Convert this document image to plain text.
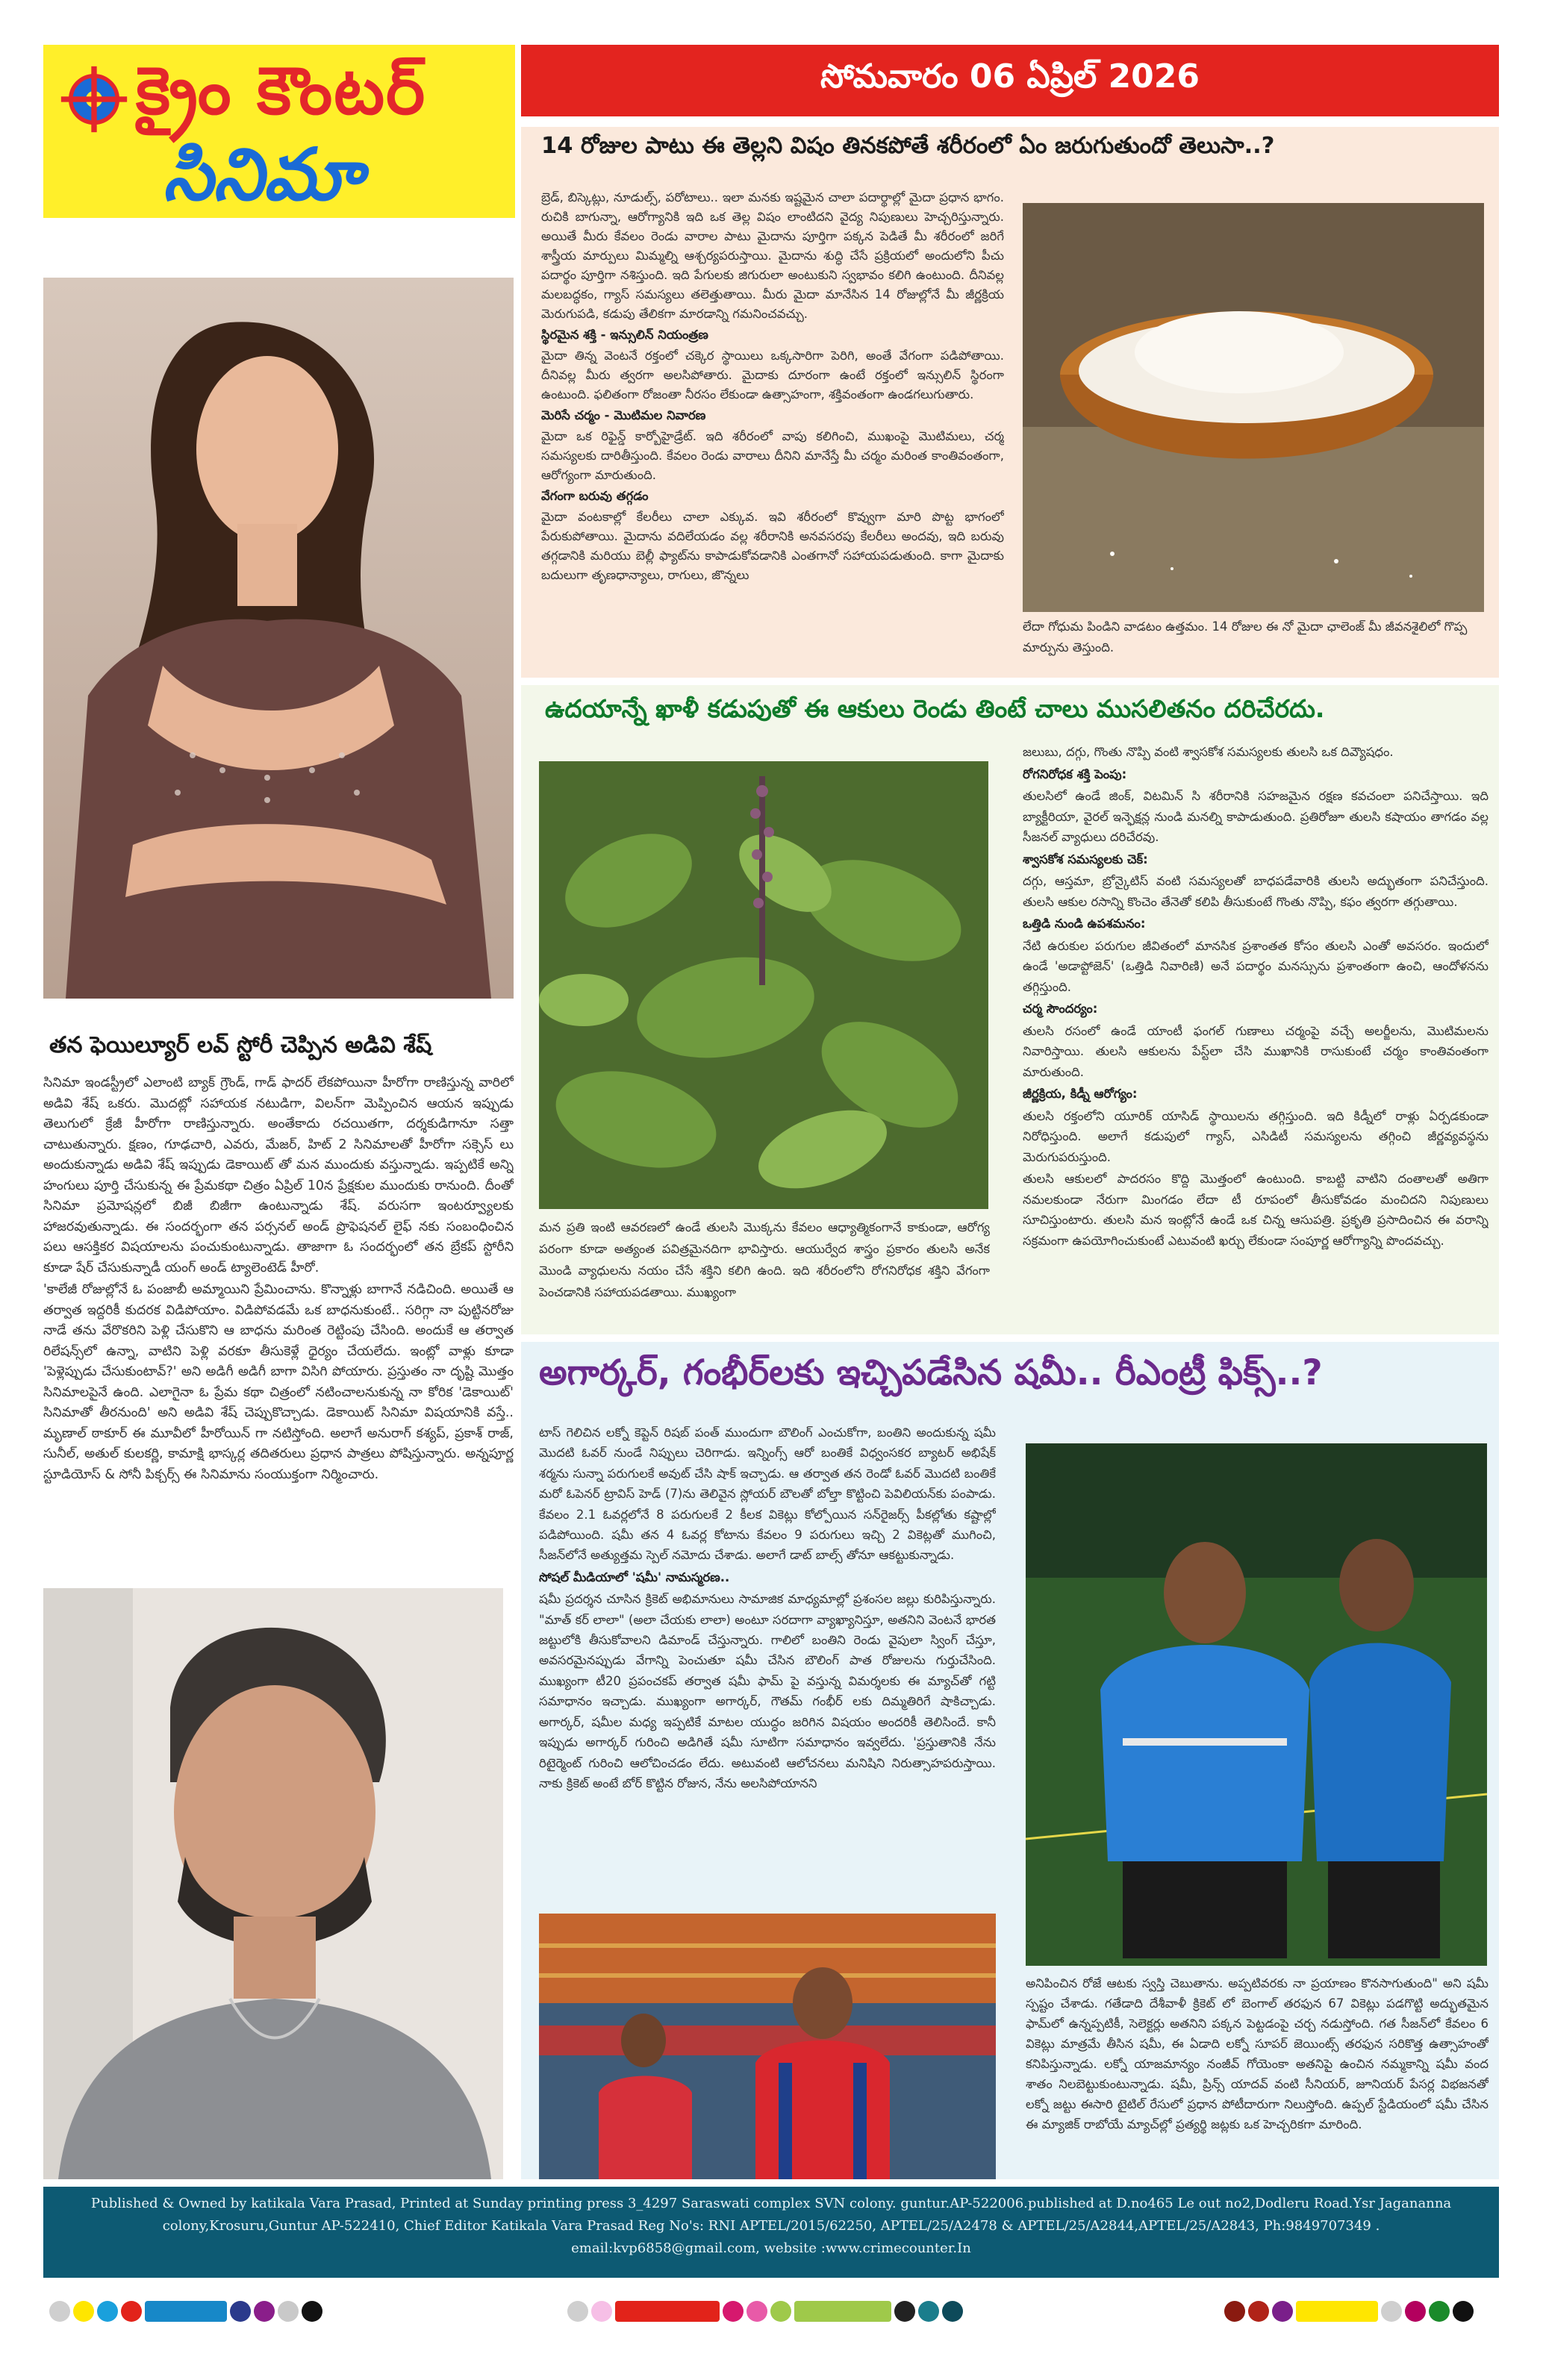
క్రైం కౌంటర్
సినిమా
సోమవారం 06 ఏప్రిల్ 2026
తన ఫెయిల్యూర్ లవ్ స్టోరీ చెప్పిన అడివి శేష్

సినిమా ఇండస్ట్రీలో ఎలాంటి బ్యాక్ గ్రౌండ్, గాడ్ ఫాదర్ లేకపోయినా హీరోగా రాణిస్తున్న వారిలో అడివి శేష్ ఒకరు. మొదట్లో సహాయక నటుడిగా, విలన్‌గా మెప్పించిన ఆయన ఇప్పుడు తెలుగులో క్రేజీ హీరోగా రాణిస్తున్నారు. అంతేకాదు రచయితగా, దర్శకుడిగానూ సత్తా చాటుతున్నారు. క్షణం, గూఢచారి, ఎవరు, మేజర్, హిట్ 2 సినిమాలతో హీరోగా సక్సెస్ లు అందుకున్నాడు అడివి శేష్ ఇప్పుడు డెకాయిట్ తో మన ముందుకు వస్తున్నాడు. ఇప్పటికే అన్ని హంగులు పూర్తి చేసుకున్న ఈ ప్రేమకథా చిత్రం ఏప్రిల్ 10న ప్రేక్షకుల ముందుకు రానుంది. దీంతో సినిమా ప్రమోషన్లలో బిజీ బిజీగా ఉంటున్నాడు శేష్. వరుసగా ఇంటర్వ్యూలకు హాజరవుతున్నాడు. ఈ సందర్భంగా తన పర్సనల్ అండ్ ప్రొఫెషనల్ లైఫ్ నకు సంబంధించిన పలు ఆసక్తికర విషయాలను పంచుకుంటున్నాడు. తాజాగా ఓ సందర్భంలో తన బ్రేకప్ స్టోరీని కూడా షేర్ చేసుకున్నాడీ యంగ్ అండ్ ట్యాలెంటెడ్ హీరో.

'కాలేజీ రోజుల్లోనే ఓ పంజాబీ అమ్మాయిని ప్రేమించాను. కొన్నాళ్లు బాగానే నడిచింది. అయితే ఆ తర్వాత ఇద్దరికీ కుదరక విడిపోయాం. విడిపోవడమే ఒక బాధనుకుంటే.. సరిగ్గా నా పుట్టినరోజు నాడే తను వేరొకరిని పెళ్లి చేసుకొని ఆ బాధను మరింత రెట్టింపు చేసింది. అందుకే ఆ తర్వాత రిలేషన్స్‌లో ఉన్నా, వాటిని పెళ్లి వరకూ తీసుకెళ్లే ధైర్యం చేయలేదు. ఇంట్లో వాళ్లు కూడా 'పెళ్లెప్పుడు చేసుకుంటావ్?' అని అడిగీ అడిగీ బాగా విసిగి పోయారు. ప్రస్తుతం నా దృష్టి మొత్తం సినిమాలపైనే ఉంది. ఎలాగైనా ఓ ప్రేమ కథా చిత్రంలో నటించాలనుకున్న నా కోరిక 'డెకాయిట్' సినిమాతో తీరనుంది' అని అడివి శేష్ చెప్పుకొచ్చాడు. డెకాయిట్ సినిమా విషయానికి వస్తే.. మృణాల్ ఠాకూర్ ఈ మూవీలో హీరోయిన్ గా నటిస్తోంది. అలాగే అనురాగ్ కశ్యప్, ప్రకాశ్ రాజ్, సునీల్, అతుల్ కులకర్ణి, కామాక్షి భాస్కర్ల తదితరులు ప్రధాన పాత్రలు పోషిస్తున్నారు. అన్నపూర్ణ స్టూడియోస్ & సోనీ పిక్చర్స్ ఈ సినిమాను సంయుక్తంగా నిర్మించారు.

14 రోజుల పాటు ఈ తెల్లని విషం తినకపోతే శరీరంలో ఏం జరుగుతుందో తెలుసా..?

బ్రెడ్, బిస్కెట్లు, నూడుల్స్, పరోటాలు.. ఇలా మనకు ఇష్టమైన చాలా పదార్థాల్లో మైదా ప్రధాన భాగం. రుచికి బాగున్నా, ఆరోగ్యానికి ఇది ఒక తెల్ల విషం లాంటిదని వైద్య నిపుణులు హెచ్చరిస్తున్నారు. అయితే మీరు కేవలం రెండు వారాల పాటు మైదాను పూర్తిగా పక్కన పెడితే మీ శరీరంలో జరిగే శాస్త్రీయ మార్పులు మిమ్మల్ని ఆశ్చర్యపరుస్తాయి. మైదాను శుద్ధి చేసే ప్రక్రియలో అందులోని పీచు పదార్థం పూర్తిగా నశిస్తుంది. ఇది పేగులకు జిగురులా అంటుకుని స్వభావం కలిగి ఉంటుంది. దీనివల్ల మలబద్ధకం, గ్యాస్ సమస్యలు తలెత్తుతాయి. మీరు మైదా మానేసిన 14 రోజుల్లోనే మీ జీర్ణక్రియ మెరుగుపడి, కడుపు తేలికగా మారడాన్ని గమనించవచ్చు.

స్థిరమైన శక్తి - ఇన్సులిన్ నియంత్రణ

మైదా తిన్న వెంటనే రక్తంలో చక్కెర స్థాయిలు ఒక్కసారిగా పెరిగి, అంతే వేగంగా పడిపోతాయి. దీనివల్ల మీరు త్వరగా అలసిపోతారు. మైదాకు దూరంగా ఉంటే రక్తంలో ఇన్సులిన్ స్థిరంగా ఉంటుంది. ఫలితంగా రోజంతా నీరసం లేకుండా ఉత్సాహంగా, శక్తివంతంగా ఉండగలుగుతారు.

మెరిసే చర్మం - మొటిమల నివారణ

మైదా ఒక రిఫైన్డ్ కార్బోహైడ్రేట్. ఇది శరీరంలో వాపు కలిగించి, ముఖంపై మొటిమలు, చర్మ సమస్యలకు దారితీస్తుంది. కేవలం రెండు వారాలు దీనిని మానేస్తే మీ చర్మం మరింత కాంతివంతంగా, ఆరోగ్యంగా మారుతుంది.

వేగంగా బరువు తగ్గడం

మైదా వంటకాల్లో కేలరీలు చాలా ఎక్కువ. ఇవి శరీరంలో కొవ్వుగా మారి పొట్ట భాగంలో పేరుకుపోతాయి. మైదాను వదిలేయడం వల్ల శరీరానికి అనవసరపు కేలరీలు అందవు, ఇది బరువు తగ్గడానికి మరియు బెల్లీ ఫ్యాట్‌ను కాపాడుకోవడానికి ఎంతగానో సహాయపడుతుంది. కాగా మైదాకు బదులుగా తృణధాన్యాలు, రాగులు, జొన్నలు

లేదా గోధుమ పిండిని వాడటం ఉత్తమం. 14 రోజుల ఈ నో మైదా ఛాలెంజ్ మీ జీవనశైలిలో గొప్ప మార్పును తెస్తుంది.
ఉదయాన్నే ఖాళీ కడుపుతో ఈ ఆకులు రెండు తింటే చాలు ముసలితనం దరిచేరదు.
మన ప్రతి ఇంటి ఆవరణలో ఉండే తులసి మొక్కను కేవలం ఆధ్యాత్మికంగానే కాకుండా, ఆరోగ్య పరంగా కూడా అత్యంత పవిత్రమైనదిగా భావిస్తారు. ఆయుర్వేద శాస్త్రం ప్రకారం తులసి అనేక మొండి వ్యాధులను నయం చేసే శక్తిని కలిగి ఉంది. ఇది శరీరంలోని రోగనిరోధక శక్తిని వేగంగా పెంచడానికి సహాయపడతాయి. ముఖ్యంగా

జలుబు, దగ్గు, గొంతు నొప్పి వంటి శ్వాసకోశ సమస్యలకు తులసి ఒక దివ్యౌషధం.

రోగనిరోధక శక్తి పెంపు:

తులసిలో ఉండే జింక్, విటమిన్ సి శరీరానికి సహజమైన రక్షణ కవచంలా పనిచేస్తాయి. ఇది బ్యాక్టీరియా, వైరల్ ఇన్ఫెక్షన్ల నుండి మనల్ని కాపాడుతుంది. ప్రతిరోజూ తులసి కషాయం తాగడం వల్ల సీజనల్ వ్యాధులు దరిచేరవు.

శ్వాసకోశ సమస్యలకు చెక్:

దగ్గు, ఆస్తమా, బ్రోన్కైటిస్ వంటి సమస్యలతో బాధపడేవారికి తులసి అద్భుతంగా పనిచేస్తుంది. తులసి ఆకుల రసాన్ని కొంచెం తేనెతో కలిపి తీసుకుంటే గొంతు నొప్పి, కఫం త్వరగా తగ్గుతాయి.

ఒత్తిడి నుండి ఉపశమనం:

నేటి ఉరుకుల పరుగుల జీవితంలో మానసిక ప్రశాంతత కోసం తులసి ఎంతో అవసరం. ఇందులో ఉండే 'అడాప్టోజెన్' (ఒత్తిడి నివారిణి) అనే పదార్థం మనస్సును ప్రశాంతంగా ఉంచి, ఆందోళనను తగ్గిస్తుంది.

చర్మ సౌందర్యం:

తులసి రసంలో ఉండే యాంటీ ఫంగల్ గుణాలు చర్మంపై వచ్చే అలర్జీలను, మొటిమలను నివారిస్తాయి. తులసి ఆకులను పేస్ట్‌లా చేసి ముఖానికి రాసుకుంటే చర్మం కాంతివంతంగా మారుతుంది.

జీర్ణక్రియ, కిడ్నీ ఆరోగ్యం:

తులసి రక్తంలోని యూరిక్ యాసిడ్ స్థాయిలను తగ్గిస్తుంది. ఇది కిడ్నీలో రాళ్లు ఏర్పడకుండా నిరోధిస్తుంది. అలాగే కడుపులో గ్యాస్, ఎసిడిటీ సమస్యలను తగ్గించి జీర్ణవ్యవస్థను మెరుగుపరుస్తుంది.

తులసి ఆకులలో పాదరసం కొద్ది మొత్తంలో ఉంటుంది. కాబట్టి వాటిని దంతాలతో అతిగా నమలకుండా నేరుగా మింగడం లేదా టీ రూపంలో తీసుకోవడం మంచిదని నిపుణులు సూచిస్తుంటారు. తులసి మన ఇంట్లోనే ఉండే ఒక చిన్న ఆసుపత్రి. ప్రకృతి ప్రసాదించిన ఈ వరాన్ని సక్రమంగా ఉపయోగించుకుంటే ఎటువంటి ఖర్చు లేకుండా సంపూర్ణ ఆరోగ్యాన్ని పొందవచ్చు.

అగార్కర్, గంభీర్‌లకు ఇచ్చిపడేసిన షమీ.. రీఎంట్రీ ఫిక్స్..?

టాస్ గెలిచిన లక్నో కెప్టెన్ రిషబ్ పంత్ ముందుగా బౌలింగ్ ఎంచుకోగా, బంతిని అందుకున్న షమీ మొదటి ఓవర్ నుండే నిప్పులు చెరిగాడు. ఇన్నింగ్స్ ఆరో బంతికే విధ్వంసకర బ్యాటర్ అభిషేక్ శర్మను సున్నా పరుగులకే అవుట్ చేసి షాక్ ఇచ్చాడు. ఆ తర్వాత తన రెండో ఓవర్ మొదటి బంతికే మరో ఓపెనర్ ట్రావిస్ హెడ్ (7)ను తెలివైన స్లోయర్ బౌలతో బోల్తా కొట్టించి పెవిలియన్‌కు పంపాడు. కేవలం 2.1 ఓవర్లలోనే 8 పరుగులకే 2 కీలక వికెట్లు కోల్పోయిన సన్‌రైజర్స్ పీకల్లోతు కష్టాల్లో పడిపోయింది. షమీ తన 4 ఓవర్ల కోటాను కేవలం 9 పరుగులు ఇచ్చి 2 వికెట్లతో ముగించి, సీజన్‌లోనే అత్యుత్తమ స్పెల్ నమోదు చేశాడు. అలాగే డాట్ బాల్స్ తోనూ ఆకట్టుకున్నాడు.

సోషల్ మీడియాలో 'షమీ' నామస్మరణ..

షమీ ప్రదర్శన చూసిన క్రికెట్ అభిమానులు సామాజిక మాధ్యమాల్లో ప్రశంసల జల్లు కురిపిస్తున్నారు. "మాత్ కర్ లాలా" (అలా చేయకు లాలా) అంటూ సరదాగా వ్యాఖ్యానిస్తూ, అతనిని వెంటనే భారత జట్టులోకి తీసుకోవాలని డిమాండ్ చేస్తున్నారు. గాలిలో బంతిని రెండు వైపులా స్వింగ్ చేస్తూ, అవసరమైనప్పుడు వేగాన్ని పెంచుతూ షమీ చేసిన బౌలింగ్ పాత రోజులను గుర్తుచేసింది. ముఖ్యంగా టీ20 ప్రపంచకప్ తర్వాత షమీ ఫామ్ పై వస్తున్న విమర్శలకు ఈ మ్యాచ్‌తో గట్టి సమాధానం ఇచ్చాడు. ముఖ్యంగా అగార్కర్, గౌతమ్ గంభీర్ లకు దిమ్మతిరిగే షాకిచ్చాడు. అగార్కర్, షమీల మధ్య ఇప్పటికే మాటల యుద్ధం జరిగిన విషయం అందరికీ తెలిసిందే. కానీ ఇప్పుడు అగార్కర్ గురించి అడిగితే షమీ సూటిగా సమాధానం ఇవ్వలేదు. 'ప్రస్తుతానికి నేను రిటైర్మెంట్ గురించి ఆలోచించడం లేదు. అటువంటి ఆలోచనలు మనిషిని నిరుత్సాహపరుస్తాయి. నాకు క్రికెట్ అంటే బోర్ కొట్టిన రోజున, నేను అలసిపోయానని

అనిపించిన రోజే ఆటకు స్వస్తి చెబుతాను. అప్పటివరకు నా ప్రయాణం కొనసాగుతుంది" అని షమీ స్పష్టం చేశాడు. గతేడాది దేశీవాళీ క్రికెట్ లో బెంగాల్ తరఫున 67 వికెట్లు పడగొట్టి అద్భుతమైన ఫామ్‌లో ఉన్నప్పటికీ, సెలెక్టర్లు అతనిని పక్కన పెట్టడంపై చర్చ నడుస్తోంది. గత సీజన్‌లో కేవలం 6 వికెట్లు మాత్రమే తీసిన షమీ, ఈ ఏడాది లక్నో సూపర్ జెయింట్స్ తరఫున సరికొత్త ఉత్సాహంతో కనిపిస్తున్నాడు. లక్నో యాజమాన్యం నంజీవ్ గోయెంకా అతనిపై ఉంచిన నమ్మకాన్ని షమీ వంద శాతం నిలబెట్టుకుంటున్నాడు. షమీ, ప్రిన్స్ యాదవ్ వంటి సీనియర్, జూనియర్ పేసర్ల విభజనతో లక్నో జట్టు ఈసారి టైటిల్ రేసులో ప్రధాన పోటీదారుగా నిలుస్తోంది. ఉప్పల్ స్టేడియంలో షమీ చేసిన ఈ మ్యాజిక్ రాబోయే మ్యాచ్‌ల్లో ప్రత్యర్థి జట్లకు ఒక హెచ్చరికగా మారింది.
Published & Owned by katikala Vara Prasad, Printed at Sunday printing press 3_4297 Saraswati complex SVN colony. guntur.AP-522006.published at D.no465 Le out no2,Dodleru Road.Ysr Jagananna
colony,Krosuru,Guntur AP-522410, Chief Editor Katikala Vara Prasad Reg No's: RNI APTEL/2015/62250, APTEL/25/A2478 & APTEL/25/A2844,APTEL/25/A2843, Ph:9849707349 .
email:kvp6858@gmail.com, website :www.crimecounter.In
